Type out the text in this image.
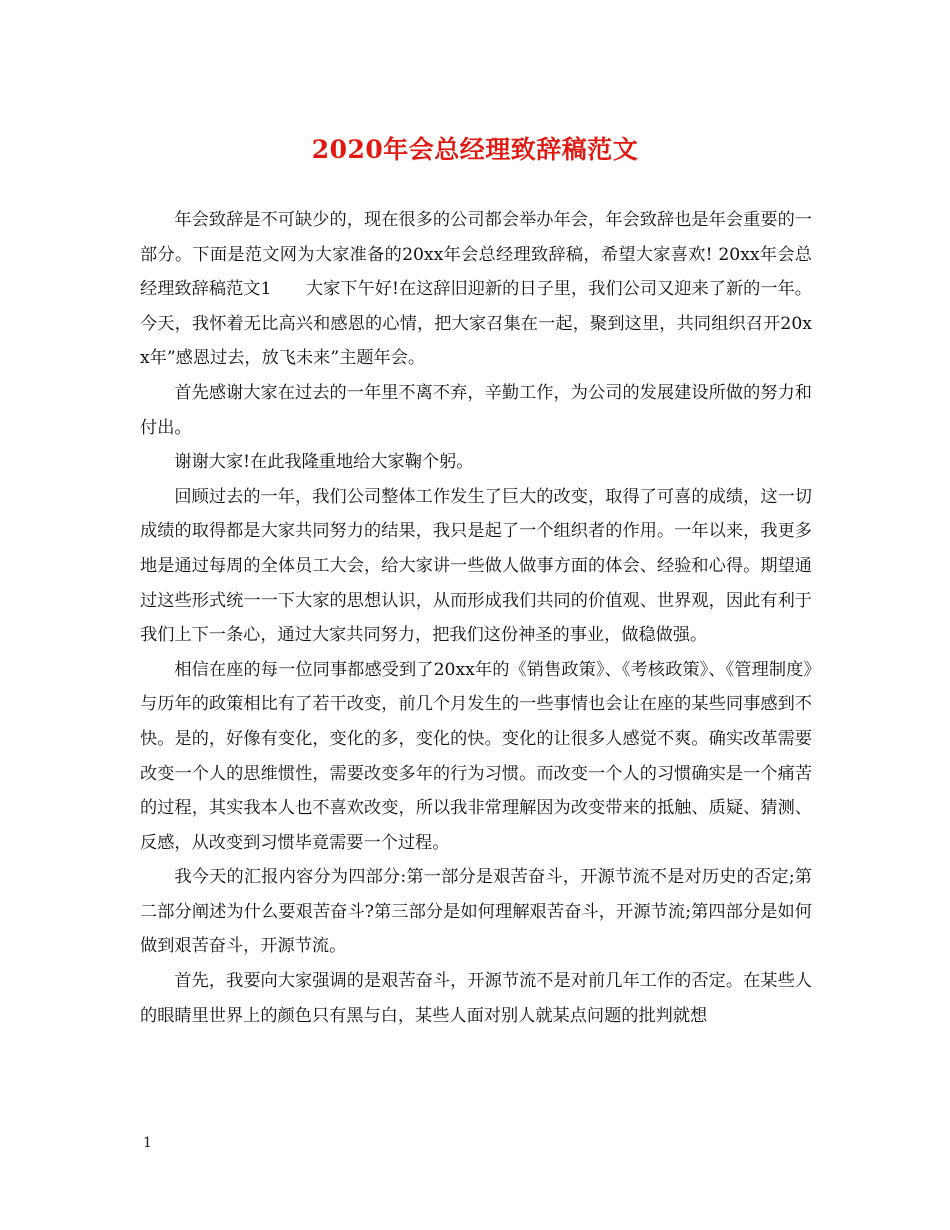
2020年会总经理致辞稿范文

年会致辞是不可缺少的，现在很多的公司都会举办年会，年会致辞也是年会重要的一部分。下面是范文网为大家准备的20xx年会总经理致辞稿，希望大家喜欢! 20xx年会总经理致辞稿范文1　　大家下午好!在这辞旧迎新的日子里，我们公司又迎来了新的一年。今天，我怀着无比高兴和感恩的心情，把大家召集在一起，聚到这里，共同组织召开20xx年”感恩过去，放飞未来”主题年会。

首先感谢大家在过去的一年里不离不弃，辛勤工作，为公司的发展建设所做的努力和付出。

谢谢大家!在此我隆重地给大家鞠个躬。

回顾过去的一年，我们公司整体工作发生了巨大的改变，取得了可喜的成绩，这一切成绩的取得都是大家共同努力的结果，我只是起了一个组织者的作用。一年以来，我更多地是通过每周的全体员工大会，给大家讲一些做人做事方面的体会、经验和心得。期望通过这些形式统一一下大家的思想认识，从而形成我们共同的价值观、世界观，因此有利于我们上下一条心，通过大家共同努力，把我们这份神圣的事业，做稳做强。

相信在座的每一位同事都感受到了20xx年的《销售政策》、《考核政策》、《管理制度》与历年的政策相比有了若干改变，前几个月发生的一些事情也会让在座的某些同事感到不快。是的，好像有变化，变化的多，变化的快。变化的让很多人感觉不爽。确实改革需要改变一个人的思维惯性，需要改变多年的行为习惯。而改变一个人的习惯确实是一个痛苦的过程，其实我本人也不喜欢改变，所以我非常理解因为改变带来的抵触、质疑、猜测、反感，从改变到习惯毕竟需要一个过程。

我今天的汇报内容分为四部分:第一部分是艰苦奋斗，开源节流不是对历史的否定;第二部分阐述为什么要艰苦奋斗?第三部分是如何理解艰苦奋斗，开源节流;第四部分是如何做到艰苦奋斗，开源节流。

首先，我要向大家强调的是艰苦奋斗，开源节流不是对前几年工作的否定。在某些人的眼睛里世界上的颜色只有黑与白，某些人面对别人就某点问题的批判就想

1
